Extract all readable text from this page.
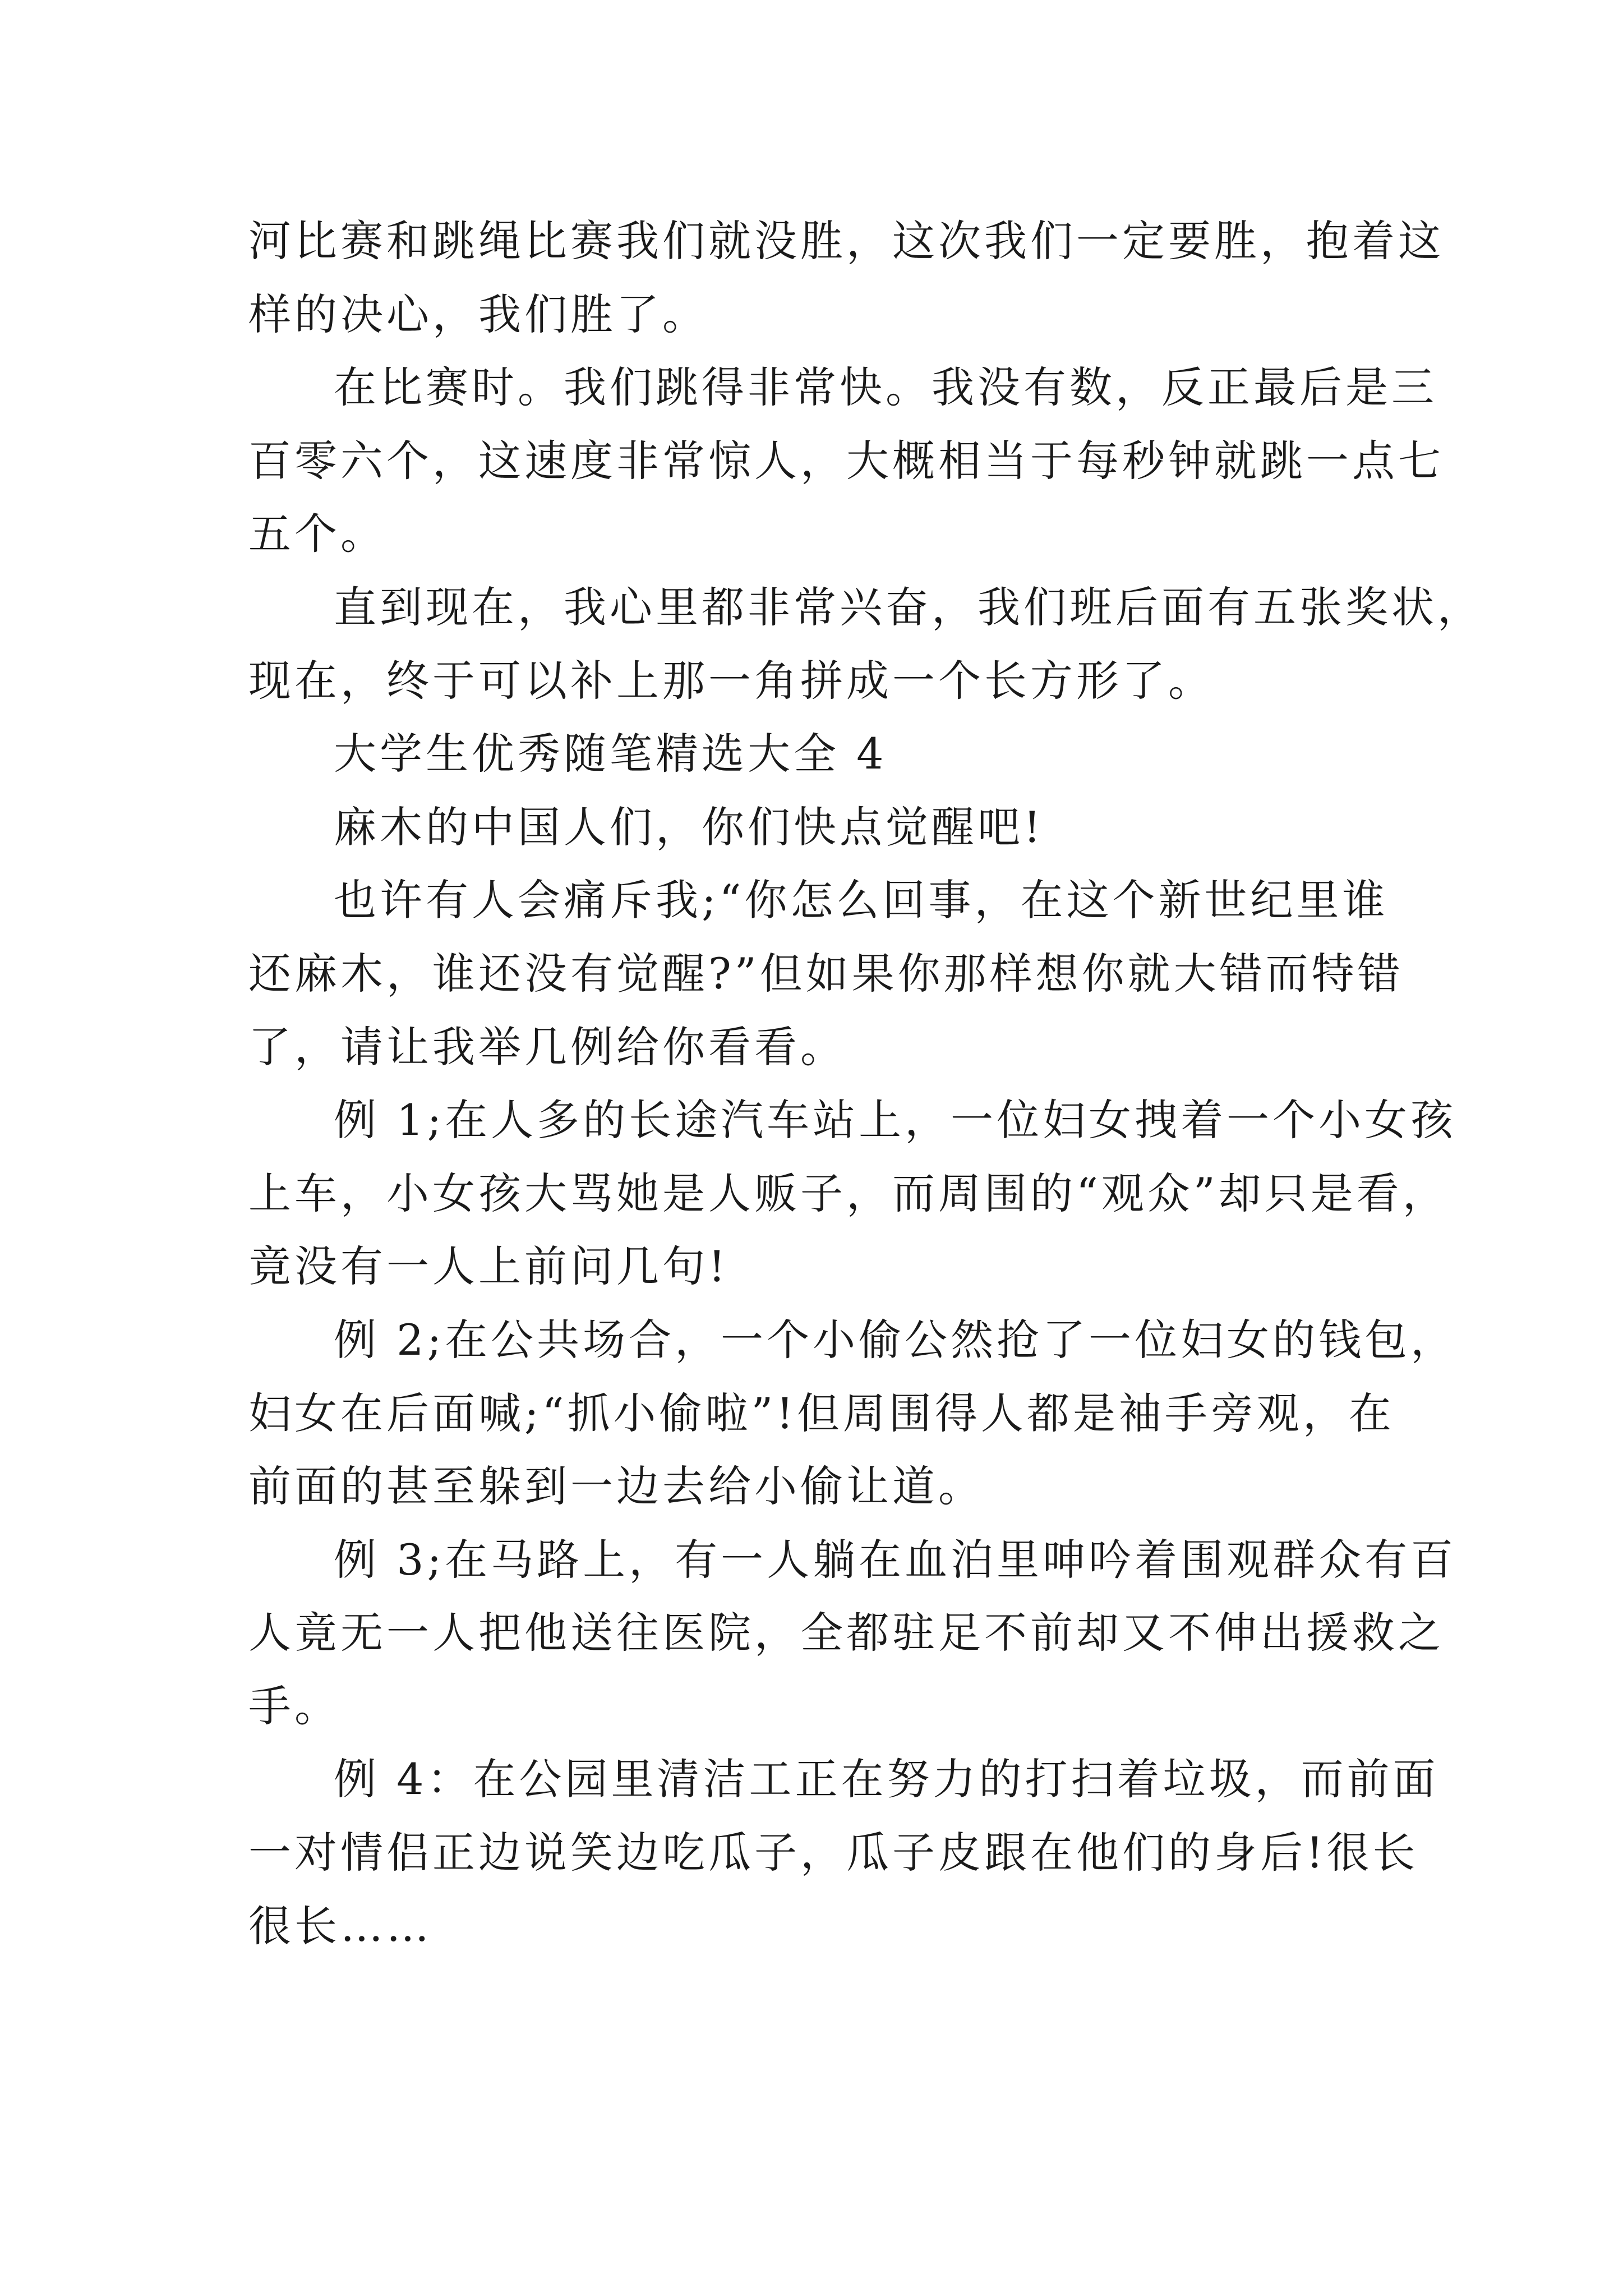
河比赛和跳绳比赛我们就没胜，这次我们一定要胜，抱着这
样的决心，我们胜了。
在比赛时。我们跳得非常快。我没有数，反正最后是三
百零六个，这速度非常惊人，大概相当于每秒钟就跳一点七
五个。
直到现在，我心里都非常兴奋，我们班后面有五张奖状，
现在，终于可以补上那一角拼成一个长方形了。
大学生优秀随笔精选大全 4
麻木的中国人们，你们快点觉醒吧!
也许有人会痛斥我;“你怎么回事，在这个新世纪里谁
还麻木，谁还没有觉醒?”但如果你那样想你就大错而特错
了，请让我举几例给你看看。
例 1;在人多的长途汽车站上，一位妇女拽着一个小女孩
上车，小女孩大骂她是人贩子，而周围的“观众”却只是看，
竟没有一人上前问几句!
例 2;在公共场合，一个小偷公然抢了一位妇女的钱包，
妇女在后面喊;“抓小偷啦”!但周围得人都是袖手旁观，在
前面的甚至躲到一边去给小偷让道。
例 3;在马路上，有一人躺在血泊里呻吟着围观群众有百
人竟无一人把他送往医院，全都驻足不前却又不伸出援救之
手。
例 4：在公园里清洁工正在努力的打扫着垃圾，而前面
一对情侣正边说笑边吃瓜子，瓜子皮跟在他们的身后!很长
很长……
